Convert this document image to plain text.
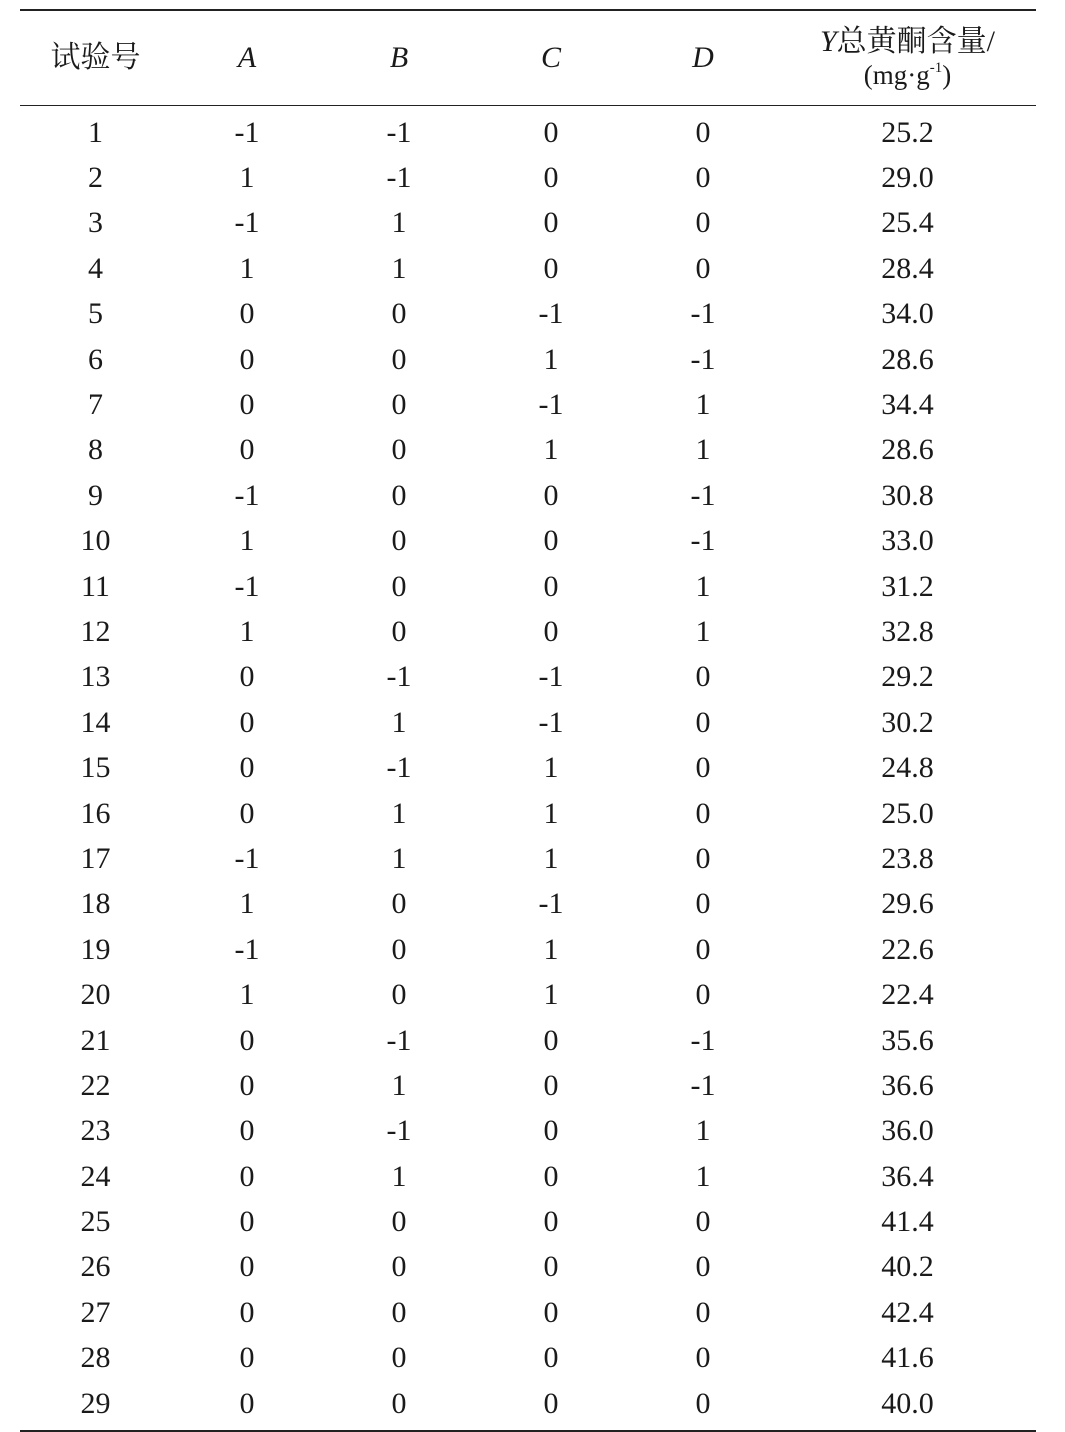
试验号	A	B	C	D	Y总黄酮含量/
$(mg\cdot g^{-1})$
1	-1	-1	0	0	25.2
2	1	-1	0	0	29.0
3	-1	1	0	0	25.4
4	1	1	0	0	28.4
5	0	0	-1	-1	34.0
6	0	0	1	-1	28.6
7	0	0	-1	1	34.4
8	0	0	1	1	28.6
9	-1	0	0	-1	30.8
10	1	0	0	-1	33.0
11	-1	0	0	1	31.2
12	1	0	0	1	32.8
13	0	-1	-1	0	29.2
14	0	1	-1	0	30.2
15	0	-1	1	0	24.8
16	0	1	1	0	25.0
17	-1	1	1	0	23.8
18	1	0	-1	0	29.6
19	-1	0	1	0	22.6
20	1	0	1	0	22.4
21	0	-1	0	-1	35.6
22	0	1	0	-1	36.6
23	0	-1	0	1	36.0
24	0	1	0	1	36.4
25	0	0	0	0	41.4
26	0	0	0	0	40.2
27	0	0	0	0	42.4
28	0	0	0	0	41.6
29	0	0	0	0	40.0
